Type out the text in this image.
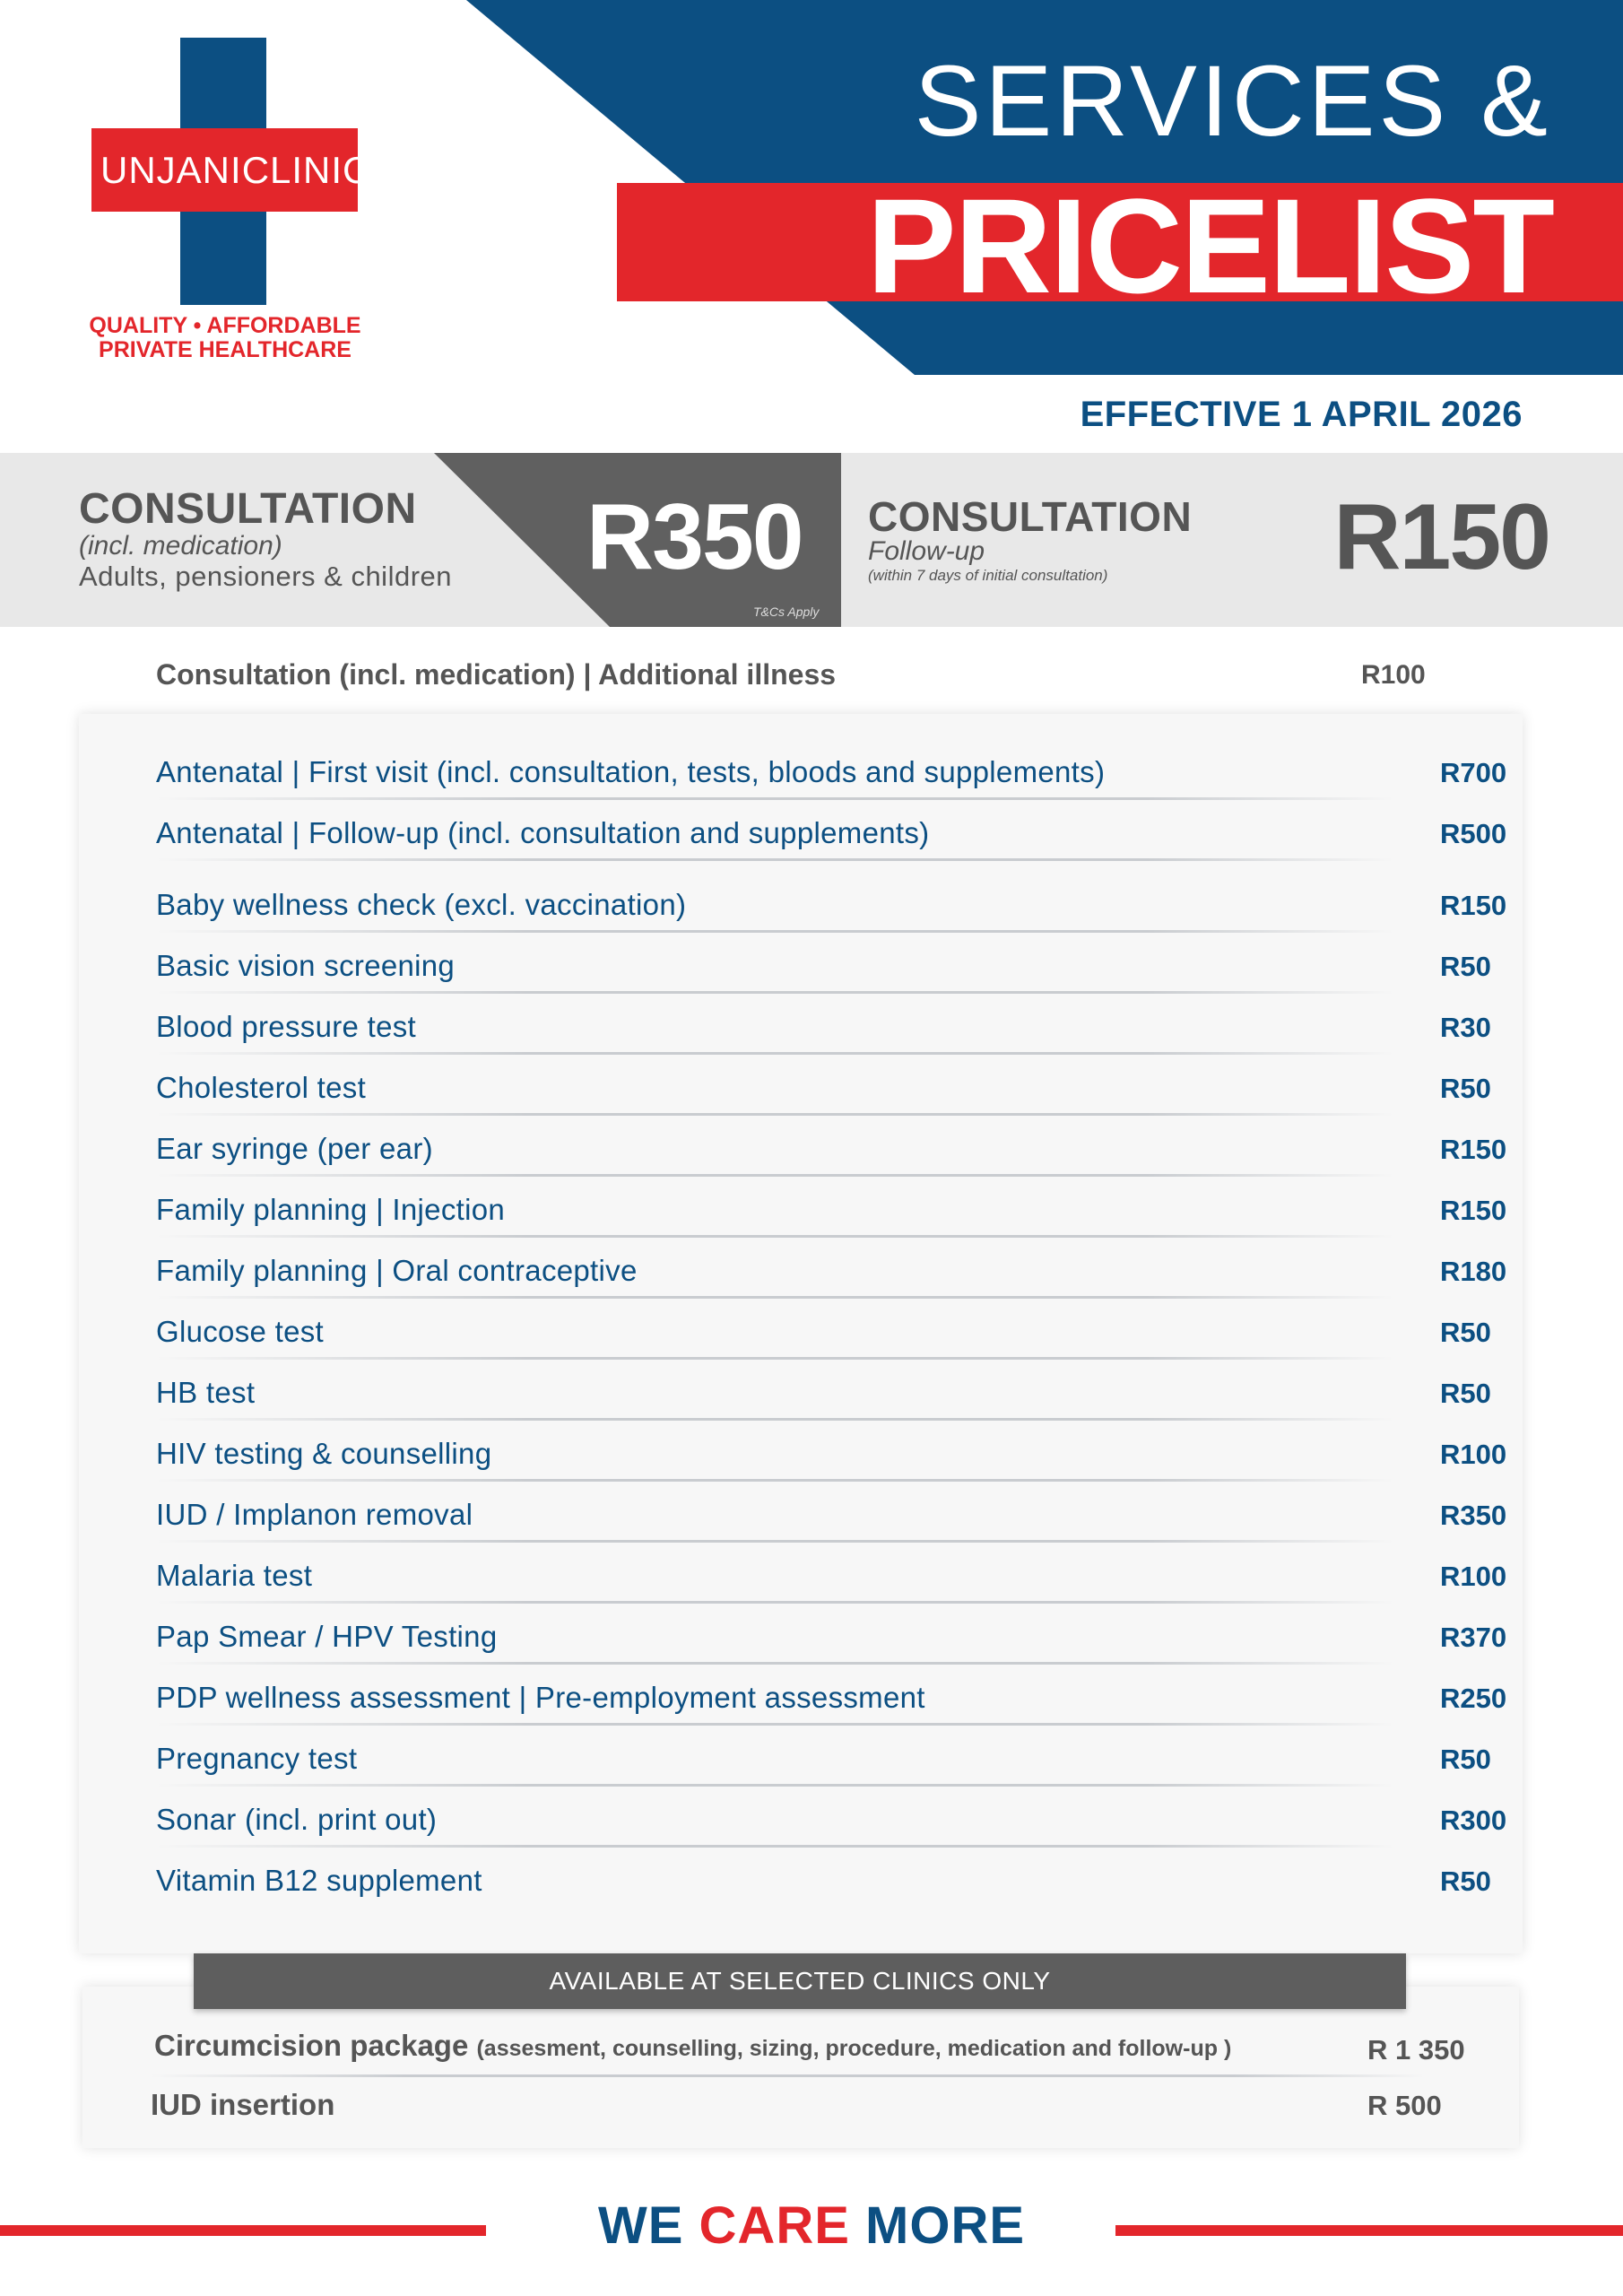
UNJANI CLINIC
QUALITY • AFFORDABLE
PRIVATE HEALTHCARE
SERVICES &
PRICELIST
EFFECTIVE 1 APRIL 2026
CONSULTATION
(incl. medication)
Adults, pensioners & children R350
T&Cs Apply
CONSULTATION
Follow-up
(within 7 days of initial consultation) R150
Consultation (incl. medication) | Additional illness	R100
Antenatal | First visit (incl. consultation, tests, bloods and supplements)	R700
Antenatal | Follow-up (incl. consultation and supplements)	R500
Baby wellness check (excl. vaccination)	R150
Basic vision screening	R50
Blood pressure test	R30
Cholesterol test	R50
Ear syringe (per ear)	R150
Family planning | Injection	R150
Family planning | Oral contraceptive	R180
Glucose test	R50
HB test	R50
HIV testing & counselling	R100
IUD / Implanon removal	R350
Malaria test	R100
Pap Smear / HPV Testing	R370
PDP wellness assessment | Pre-employment assessment	R250
Pregnancy test	R50
Sonar (incl. print out)	R300
Vitamin B12 supplement	R50
AVAILABLE AT SELECTED CLINICS ONLY
Circumcision package (assesment, counselling, sizing, procedure, medication and follow-up )	R 1 350
IUD insertion	R 500
WE CARE MORE
